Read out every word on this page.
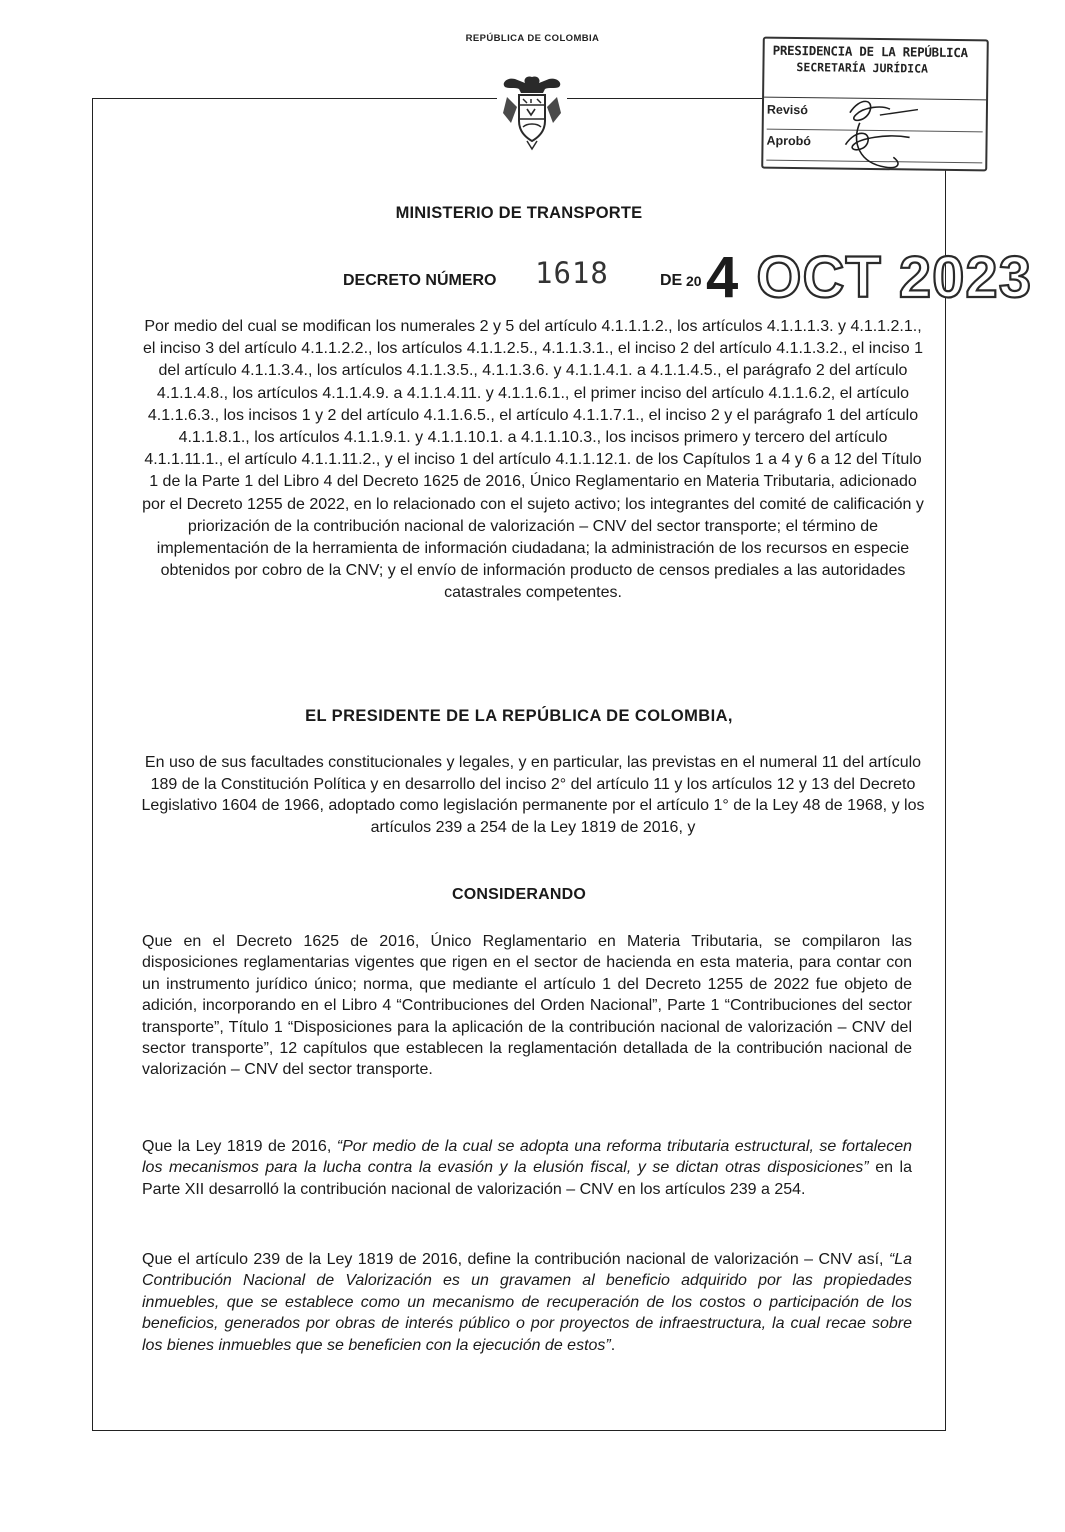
REPÚBLICA DE COLOMBIA
PRESIDENCIA DE LA REPÚBLICA
SECRETARÍA JURÍDICA
Revisó
Aprobó
MINISTERIO DE TRANSPORTE
DECRETO NÚMERO 1618	DE 20 4 OCT 2023
Por medio del cual se modifican los numerales 2 y 5 del artículo 4.1.1.1.2., los artículos 4.1.1.1.3. y 4.1.1.2.1., el inciso 3 del artículo 4.1.1.2.2., los artículos 4.1.1.2.5., 4.1.1.3.1., el inciso 2 del artículo 4.1.1.3.2., el inciso 1 del artículo 4.1.1.3.4., los artículos 4.1.1.3.5., 4.1.1.3.6. y 4.1.1.4.1. a 4.1.1.4.5., el parágrafo 2 del artículo 4.1.1.4.8., los artículos 4.1.1.4.9. a 4.1.1.4.11. y 4.1.1.6.1., el primer inciso del artículo 4.1.1.6.2, el artículo 4.1.1.6.3., los incisos 1 y 2 del artículo 4.1.1.6.5., el artículo 4.1.1.7.1., el inciso 2 y el parágrafo 1 del artículo 4.1.1.8.1., los artículos 4.1.1.9.1. y 4.1.1.10.1. a 4.1.1.10.3., los incisos primero y tercero del artículo 4.1.1.11.1., el artículo 4.1.1.11.2., y el inciso 1 del artículo 4.1.1.12.1. de los Capítulos 1 a 4 y 6 a 12 del Título 1 de la Parte 1 del Libro 4 del Decreto 1625 de 2016, Único Reglamentario en Materia Tributaria, adicionado por el Decreto 1255 de 2022, en lo relacionado con el sujeto activo; los integrantes del comité de calificación y priorización de la contribución nacional de valorización – CNV del sector transporte; el término de implementación de la herramienta de información ciudadana; la administración de los recursos en especie obtenidos por cobro de la CNV; y el envío de información producto de censos prediales a las autoridades catastrales competentes.
EL PRESIDENTE DE LA REPÚBLICA DE COLOMBIA,
En uso de sus facultades constitucionales y legales, y en particular, las previstas en el numeral 11 del artículo 189 de la Constitución Política y en desarrollo del inciso 2° del artículo 11 y los artículos 12 y 13 del Decreto Legislativo 1604 de 1966, adoptado como legislación permanente por el artículo 1° de la Ley 48 de 1968, y los artículos 239 a 254 de la Ley 1819 de 2016, y
CONSIDERANDO
Que en el Decreto 1625 de 2016, Único Reglamentario en Materia Tributaria, se compilaron las disposiciones reglamentarias vigentes que rigen en el sector de hacienda en esta materia, para contar con un instrumento jurídico único; norma, que mediante el artículo 1 del Decreto 1255 de 2022 fue objeto de adición, incorporando en el Libro 4 “Contribuciones del Orden Nacional”, Parte 1 “Contribuciones del sector transporte”, Título 1 “Disposiciones para la aplicación de la contribución nacional de valorización – CNV del sector transporte”, 12 capítulos que establecen la reglamentación detallada de la contribución nacional de valorización – CNV del sector transporte.
Que la Ley 1819 de 2016, “Por medio de la cual se adopta una reforma tributaria estructural, se fortalecen los mecanismos para la lucha contra la evasión y la elusión fiscal, y se dictan otras disposiciones” en la Parte XII desarrolló la contribución nacional de valorización – CNV en los artículos 239 a 254.
Que el artículo 239 de la Ley 1819 de 2016, define la contribución nacional de valorización – CNV así, “La Contribución Nacional de Valorización es un gravamen al beneficio adquirido por las propiedades inmuebles, que se establece como un mecanismo de recuperación de los costos o participación de los beneficios, generados por obras de interés público o por proyectos de infraestructura, la cual recae sobre los bienes inmuebles que se beneficien con la ejecución de estos”.
